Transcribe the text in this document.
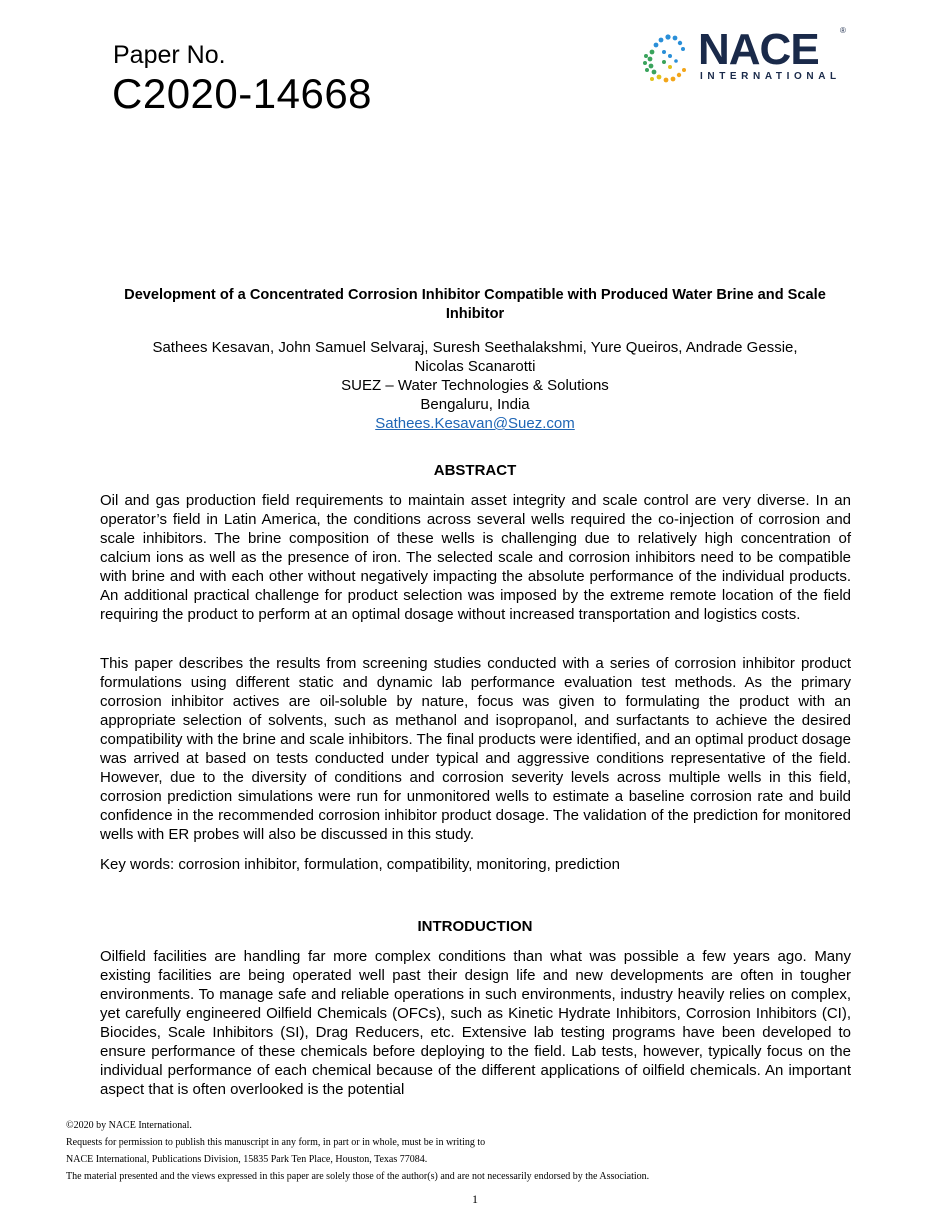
Paper No.
C2020-14668
NACE	®
INTERNATIONAL
Development of a Concentrated Corrosion Inhibitor Compatible with Produced Water Brine and Scale Inhibitor
Sathees Kesavan, John Samuel Selvaraj, Suresh Seethalakshmi, Yure Queiros, Andrade Gessie,
Nicolas Scanarotti
SUEZ – Water Technologies & Solutions
Bengaluru, India
Sathees.Kesavan@Suez.com
ABSTRACT
Oil and gas production field requirements to maintain asset integrity and scale control are very diverse. In an operator’s field in Latin America, the conditions across several wells required the co-injection of corrosion and scale inhibitors. The brine composition of these wells is challenging due to relatively high concentration of calcium ions as well as the presence of iron. The selected scale and corrosion inhibitors need to be compatible with brine and with each other without negatively impacting the absolute performance of the individual products. An additional practical challenge for product selection was imposed by the extreme remote location of the field requiring the product to perform at an optimal dosage without increased transportation and logistics costs.
This paper describes the results from screening studies conducted with a series of corrosion inhibitor product formulations using different static and dynamic lab performance evaluation test methods. As the primary corrosion inhibitor actives are oil-soluble by nature, focus was given to formulating the product with an appropriate selection of solvents, such as methanol and isopropanol, and surfactants to achieve the desired compatibility with the brine and scale inhibitors. The final products were identified, and an optimal product dosage was arrived at based on tests conducted under typical and aggressive conditions representative of the field. However, due to the diversity of conditions and corrosion severity levels across multiple wells in this field, corrosion prediction simulations were run for unmonitored wells to estimate a baseline corrosion rate and build confidence in the recommended corrosion inhibitor product dosage. The validation of the prediction for monitored wells with ER probes will also be discussed in this study.
Key words: corrosion inhibitor, formulation, compatibility, monitoring, prediction
INTRODUCTION
Oilfield facilities are handling far more complex conditions than what was possible a few years ago. Many existing facilities are being operated well past their design life and new developments are often in tougher environments. To manage safe and reliable operations in such environments, industry heavily relies on complex, yet carefully engineered Oilfield Chemicals (OFCs), such as Kinetic Hydrate Inhibitors, Corrosion Inhibitors (CI), Biocides, Scale Inhibitors (SI), Drag Reducers, etc. Extensive lab testing programs have been developed to ensure performance of these chemicals before deploying to the field. Lab tests, however, typically focus on the individual performance of each chemical because of the different applications of oilfield chemicals. An important aspect that is often overlooked is the potential
©2020 by NACE International.
Requests for permission to publish this manuscript in any form, in part or in whole, must be in writing to
NACE International, Publications Division, 15835 Park Ten Place, Houston, Texas 77084.
The material presented and the views expressed in this paper are solely those of the author(s) and are not necessarily endorsed by the Association.
1
